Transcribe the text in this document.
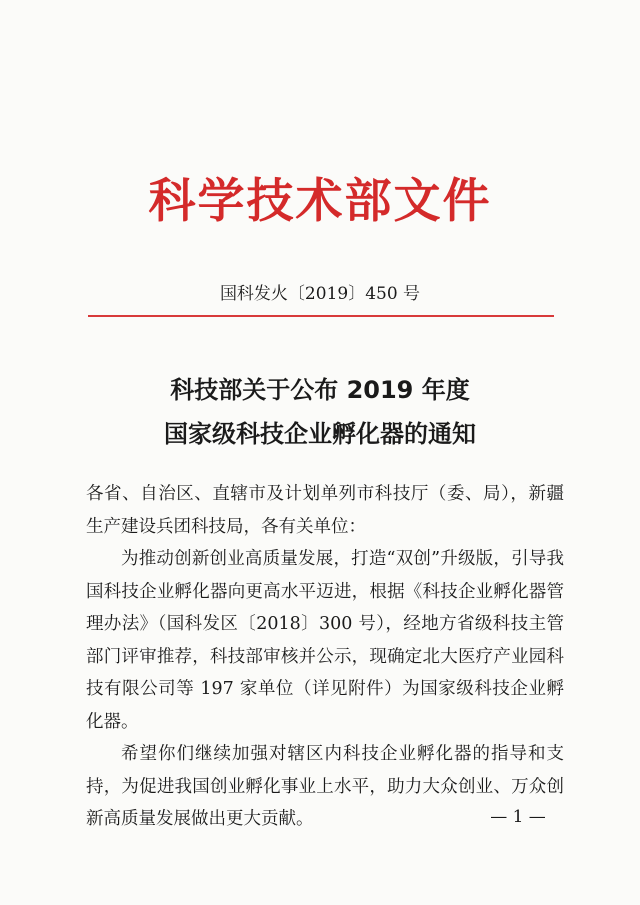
科学技术部文件
国科发火〔2019〕450 号
科技部关于公布 2019 年度
国家级科技企业孵化器的通知

各省、自治区、直辖市及计划单列市科技厅（委、局），新疆生产建设兵团科技局，各有关单位：

为推动创新创业高质量发展，打造“双创”升级版，引导我国科技企业孵化器向更高水平迈进，根据《科技企业孵化器管理办法》（国科发区〔2018〕300 号），经地方省级科技主管部门评审推荐，科技部审核并公示，现确定北大医疗产业园科技有限公司等 197 家单位（详见附件）为国家级科技企业孵化器。

希望你们继续加强对辖区内科技企业孵化器的指导和支持，为促进我国创业孵化事业上水平，助力大众创业、万众创新高质量发展做出更大贡献。	— 1 —
